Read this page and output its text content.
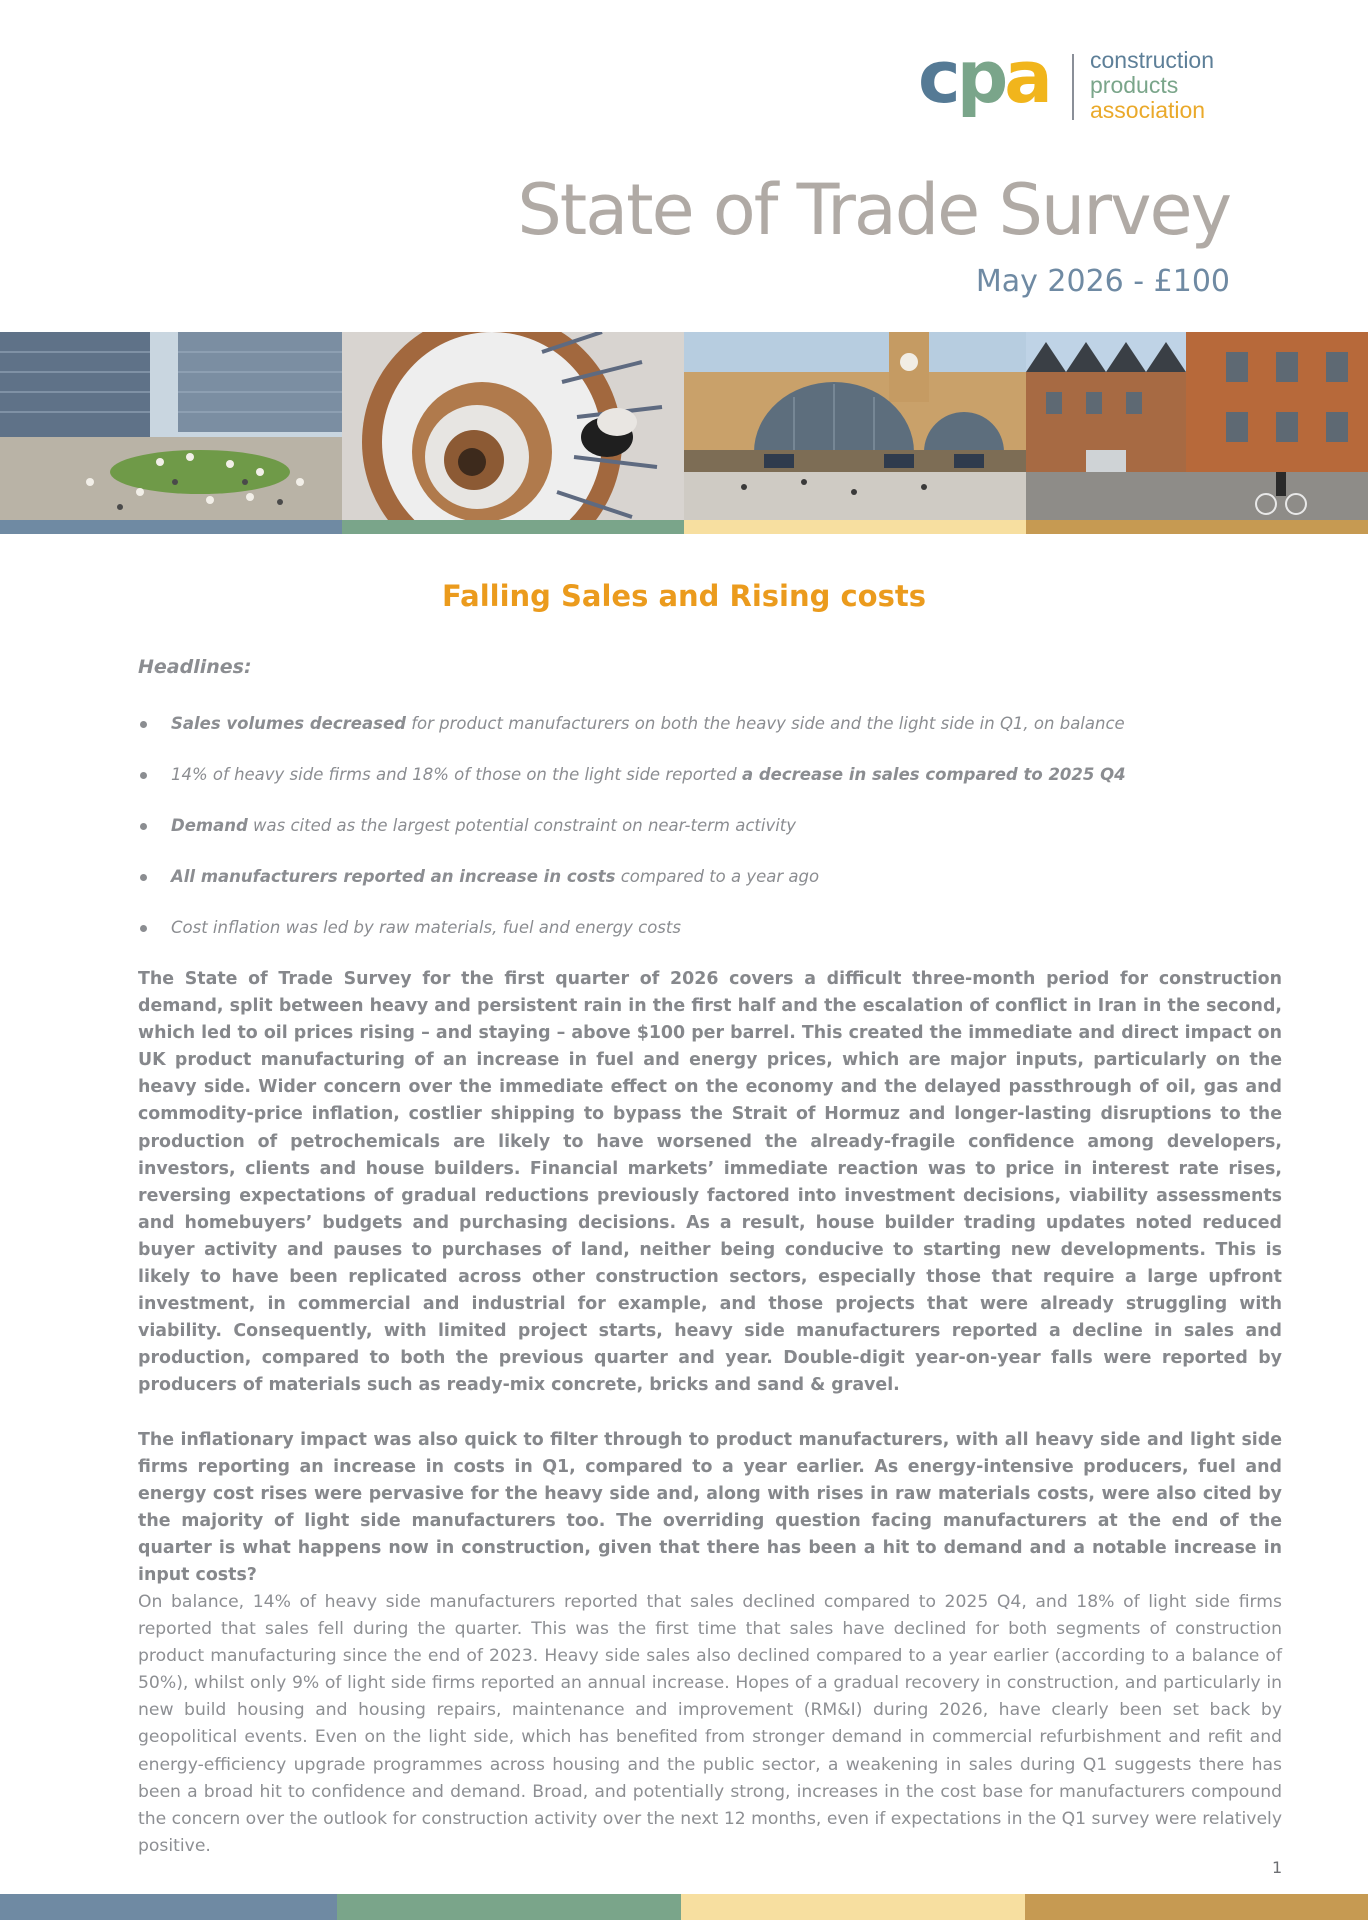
cpa construction
products
association
State of Trade Survey
May 2026 - £100
Falling Sales and Rising costs
Headlines:
Sales volumes decreased for product manufacturers on both the heavy side and the light side in Q1, on balance
14% of heavy side firms and 18% of those on the light side reported a decrease in sales compared to 2025 Q4
Demand was cited as the largest potential constraint on near-term activity
All manufacturers reported an increase in costs compared to a year ago
Cost inflation was led by raw materials, fuel and energy costs

The State of Trade Survey for the first quarter of 2026 covers a difficult three-month period for construction demand, split between heavy and persistent rain in the first half and the escalation of conflict in Iran in the second, which led to oil prices rising – and staying – above $100 per barrel. This created the immediate and direct impact on UK product manufacturing of an increase in fuel and energy prices, which are major inputs, particularly on the heavy side. Wider concern over the immediate effect on the economy and the delayed passthrough of oil, gas and commodity-price inflation, costlier shipping to bypass the Strait of Hormuz and longer-lasting disruptions to the production of petrochemicals are likely to have worsened the already-fragile confidence among developers, investors, clients and house builders. Financial markets’ immediate reaction was to price in interest rate rises, reversing expectations of gradual reductions previously factored into investment decisions, viability assessments and homebuyers’ budgets and purchasing decisions. As a result, house builder trading updates noted reduced buyer activity and pauses to purchases of land, neither being conducive to starting new developments. This is likely to have been replicated across other construction sectors, especially those that require a large upfront investment, in commercial and industrial for example, and those projects that were already struggling with viability. Consequently, with limited project starts, heavy side manufacturers reported a decline in sales and production, compared to both the previous quarter and year. Double-digit year-on-year falls were reported by producers of materials such as ready-mix concrete, bricks and sand & gravel.

The inflationary impact was also quick to filter through to product manufacturers, with all heavy side and light side firms reporting an increase in costs in Q1, compared to a year earlier. As energy-intensive producers, fuel and energy cost rises were pervasive for the heavy side and, along with rises in raw materials costs, were also cited by the majority of light side manufacturers too. The overriding question facing manufacturers at the end of the quarter is what happens now in construction, given that there has been a hit to demand and a notable increase in input costs?

On balance, 14% of heavy side manufacturers reported that sales declined compared to 2025 Q4, and 18% of light side firms reported that sales fell during the quarter. This was the first time that sales have declined for both segments of construction product manufacturing since the end of 2023. Heavy side sales also declined compared to a year earlier (according to a balance of 50%), whilst only 9% of light side firms reported an annual increase. Hopes of a gradual recovery in construction, and particularly in new build housing and housing repairs, maintenance and improvement (RM&I) during 2026, have clearly been set back by geopolitical events. Even on the light side, which has benefited from stronger demand in commercial refurbishment and refit and energy-efficiency upgrade programmes across housing and the public sector, a weakening in sales during Q1 suggests there has been a broad hit to confidence and demand. Broad, and potentially strong, increases in the cost base for manufacturers compound the concern over the outlook for construction activity over the next 12 months, even if expectations in the Q1 survey were relatively positive.

1
